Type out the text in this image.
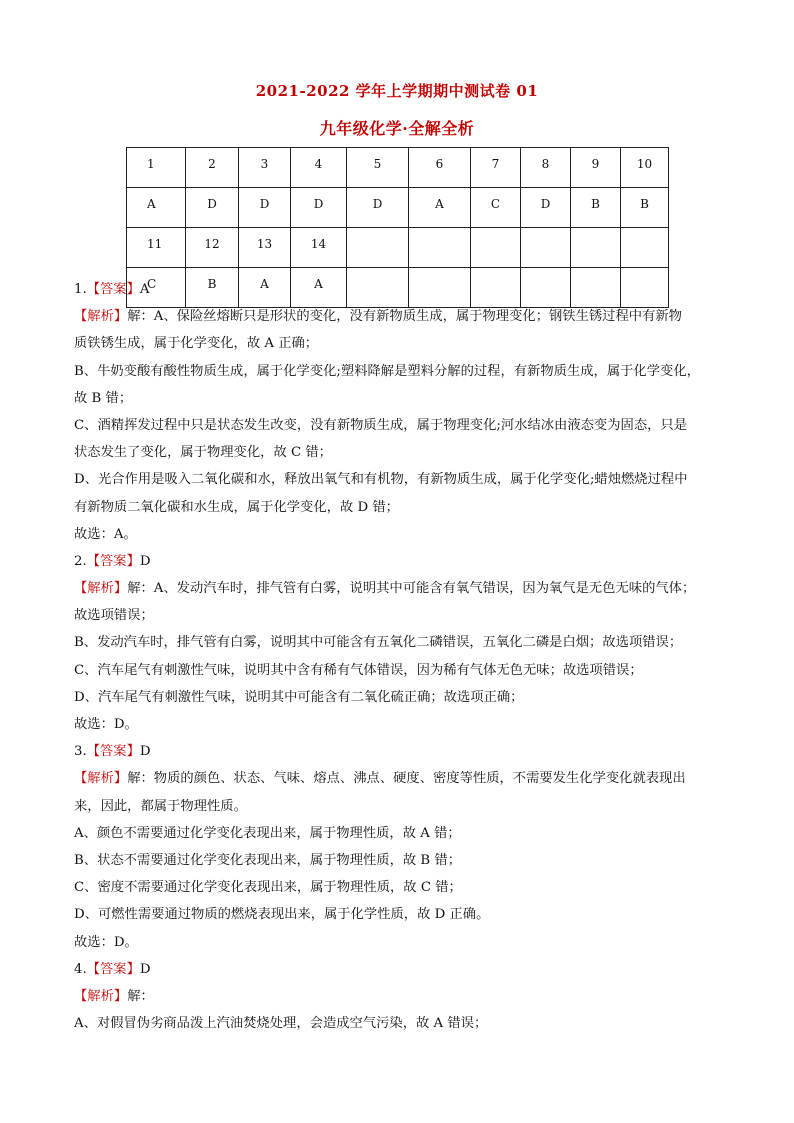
2021-2022 学年上学期期中测试卷 01
九年级化学·全解全析
1	2	3	4	5	6	7	8	9	10
A	D	D	D	D	A	C	D	B	B
11	12	13	14						
C	B	A	A						
1.【答案】A
【解析】解：A、保险丝熔断只是形状的变化，没有新物质生成，属于物理变化；钢铁生锈过程中有新物
质铁锈生成，属于化学变化，故 A 正确；
B、牛奶变酸有酸性物质生成，属于化学变化;塑料降解是塑料分解的过程，有新物质生成，属于化学变化，
故 B 错；
C、酒精挥发过程中只是状态发生改变，没有新物质生成，属于物理变化;河水结冰由液态变为固态，只是
状态发生了变化，属于物理变化，故 C 错；
D、光合作用是吸入二氧化碳和水，释放出氧气和有机物，有新物质生成，属于化学变化;蜡烛燃烧过程中
有新物质二氧化碳和水生成，属于化学变化，故 D 错；
故选：A。
2.【答案】D
【解析】解：A、发动汽车时，排气管有白雾，说明其中可能含有氧气错误，因为氧气是无色无味的气体；
故选项错误；
B、发动汽车时，排气管有白雾，说明其中可能含有五氧化二磷错误，五氧化二磷是白烟；故选项错误；
C、汽车尾气有刺激性气味，说明其中含有稀有气体错误，因为稀有气体无色无味；故选项错误；
D、汽车尾气有刺激性气味，说明其中可能含有二氧化硫正确；故选项正确；
故选：D。
3.【答案】D
【解析】解：物质的颜色、状态、气味、熔点、沸点、硬度、密度等性质，不需要发生化学变化就表现出
来，因此，都属于物理性质。
A、颜色不需要通过化学变化表现出来，属于物理性质，故 A 错；
B、状态不需要通过化学变化表现出来，属于物理性质，故 B 错；
C、密度不需要通过化学变化表现出来，属于物理性质，故 C 错；
D、可燃性需要通过物质的燃烧表现出来，属于化学性质，故 D 正确。
故选：D。
4.【答案】D
【解析】解：
A、对假冒伪劣商品泼上汽油焚烧处理，会造成空气污染，故 A 错误；
